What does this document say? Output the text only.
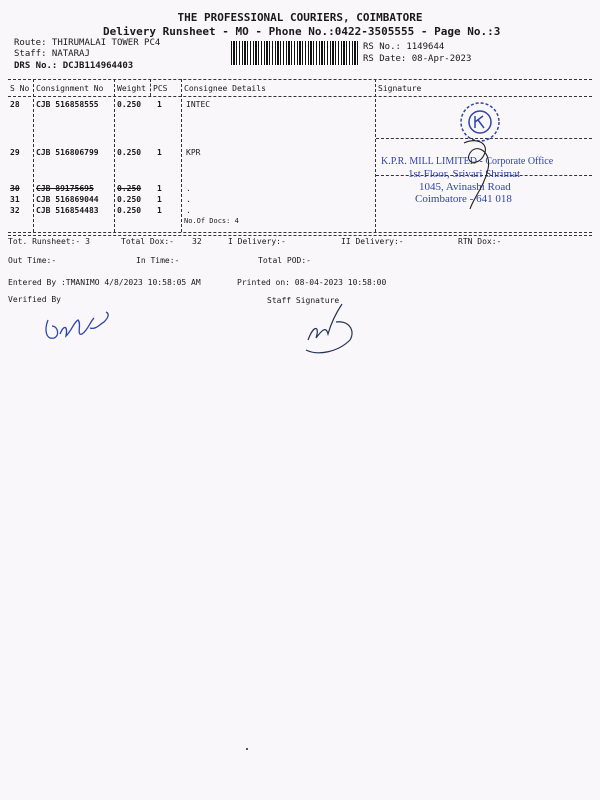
THE PROFESSIONAL COURIERS, COIMBATORE
Delivery Runsheet - MO - Phone No.:0422-3505555 - Page No.:3
Route: THIRUMALAI TOWER PC4
Staff: NATARAJ
DRS No.: DCJB114964403
RS No.: 1149644
RS Date: 08-Apr-2023
S No Consignment No Weight PCS Consignee Details	Signature
28 CJB 516858555 0.250 1	INTEC
29 CJB 516806799 0.250 1	KPR
30 CJB 89175695	0.250 1	.
31 CJB 516869044 0.250 1	.
32 CJB 516854483 0.250 1	.
No.Of Docs: 4
K.P.R. MILL LIMITED - Corporate Office
1st Floor, Srivari Shrimat
1045, Avinashi Road
Coimbatore - 641 018
Tot. Runsheet:- 3	Total Dox:- 32	I Delivery:-	II Delivery:-	RTN Dox:-
Out Time:-	In Time:-	Total POD:-
Entered By :TMANIMO 4/8/2023 10:58:05 AM	Printed on: 08-04-2023 10:58:00
Verified By	Staff Signature
